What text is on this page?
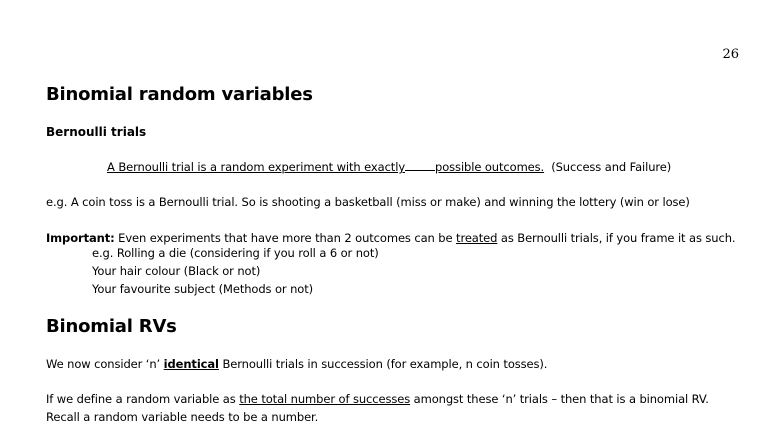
26
Binomial random variables
Bernoulli trials
A Bernoulli trial is a random experiment with exactly	possible outcomes. (Success and Failure)
e.g. A coin toss is a Bernoulli trial. So is shooting a basketball (miss or make) and winning the lottery (win or lose)
Important: Even experiments that have more than 2 outcomes can be treated as Bernoulli trials, if you frame it as such.
e.g. Rolling a die (considering if you roll a 6 or not)
Your hair colour (Black or not)
Your favourite subject (Methods or not)
Binomial RVs
We now consider ‘n’ identical Bernoulli trials in succession (for example, n coin tosses).
If we define a random variable as the total number of successes amongst these ‘n’ trials – then that is a binomial RV.
Recall a random variable needs to be a number.
